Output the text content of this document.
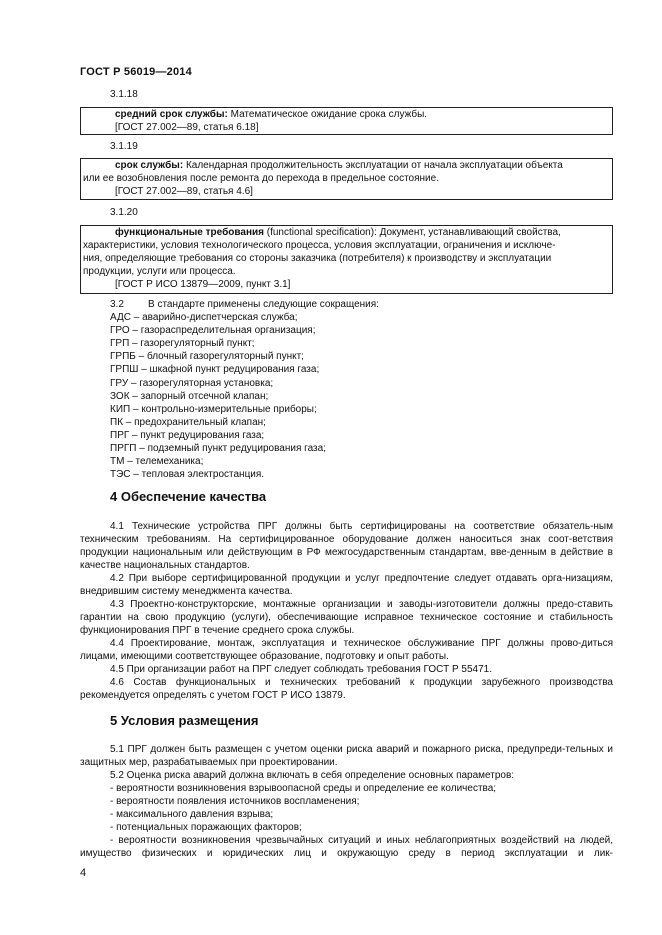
ГОСТ Р 56019—2014
3.1.18
средний срок службы: Математическое ожидание срока службы.
[ГОСТ 27.002—89, статья 6.18]
3.1.19
срок службы: Календарная продолжительность эксплуатации от начала эксплуатации объекта
или ее возобновления после ремонта до перехода в предельное состояние.
[ГОСТ 27.002—89, статья 4.6]
3.1.20
функциональные требования (functional specification): Документ, устанавливающий свойства,
характеристики, условия технологического процесса, условия эксплуатации, ограничения и исключе-
ния, определяющие требования со стороны заказчика (потребителя) к производству и эксплуатации
продукции, услуги или процесса.
[ГОСТ Р ИСО 13879—2009, пункт 3.1]
3.2	В стандарте применены следующие сокращения:
АДС – аварийно-диспетчерская служба;
ГРО – газораспределительная организация;
ГРП – газорегуляторный пункт;
ГРПБ – блочный газорегуляторный пункт;
ГРПШ – шкафной пункт редуцирования газа;
ГРУ – газорегуляторная установка;
ЗОК – запорный отсечной клапан;
КИП – контрольно-измерительные приборы;
ПК – предохранительный клапан;
ПРГ – пункт редуцирования газа;
ПРГП – подземный пункт редуцирования газа;
ТМ – телемеханика;
ТЭС – тепловая электростанция.
4 Обеспечение качества

4.1 Технические устройства ПРГ должны быть сертифицированы на соответствие обязатель-ным техническим требованиям. На сертифицированное оборудование должен наноситься знак соот-ветствия продукции национальным или действующим в РФ межгосударственным стандартам, вве-денным в действие в качестве национальных стандартов.

4.2 При выборе сертифицированной продукции и услуг предпочтение следует отдавать орга-низациям, внедрившим систему менеджмента качества.

4.3 Проектно-конструкторские, монтажные организации и заводы-изготовители должны предо-ставить гарантии на свою продукцию (услуги), обеспечивающие исправное техническое состояние и стабильность функционирования ПРГ в течение среднего срока службы.

4.4 Проектирование, монтаж, эксплуатация и техническое обслуживание ПРГ должны прово-диться лицами, имеющими соответствующее образование, подготовку и опыт работы.

4.5 При организации работ на ПРГ следует соблюдать требования ГОСТ Р 55471.

4.6 Состав функциональных и технических требований к продукции зарубежного производства рекомендуется определять с учетом ГОСТ Р ИСО 13879.

5 Условия размещения

5.1 ПРГ должен быть размещен с учетом оценки риска аварий и пожарного риска, предупреди-тельных и защитных мер, разрабатываемых при проектировании.

5.2 Оценка риска аварий должна включать в себя определение основных параметров:

- вероятности возникновения взрывоопасной среды и определение ее количества;

- вероятности появления источников воспламенения;

- максимального давления взрыва;

- потенциальных поражающих факторов;

- вероятности возникновения чрезвычайных ситуаций и иных неблагоприятных воздействий на людей, имущество физических и юридических лиц и окружающую среду в период эксплуатации и лик-

4
